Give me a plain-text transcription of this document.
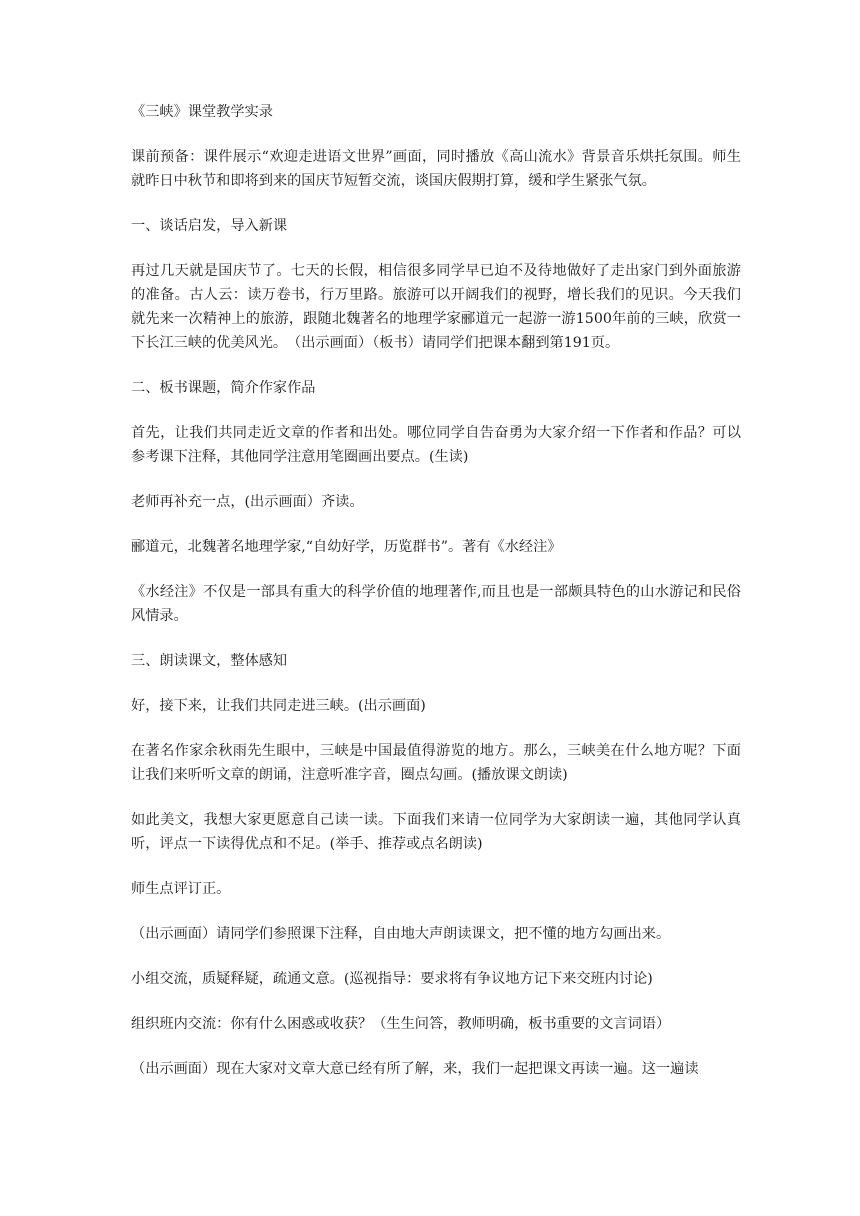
《三峡》课堂教学实录

课前预备：课件展示“欢迎走进语文世界”画面，同时播放《高山流水》背景音乐烘托氛围。师生就昨日中秋节和即将到来的国庆节短暂交流，谈国庆假期打算，缓和学生紧张气氛。

一、谈话启发，导入新课

再过几天就是国庆节了。七天的长假，相信很多同学早已迫不及待地做好了走出家门到外面旅游的准备。古人云：读万卷书，行万里路。旅游可以开阔我们的视野，增长我们的见识。今天我们就先来一次精神上的旅游，跟随北魏著名的地理学家郦道元一起游一游1500年前的三峡，欣赏一下长江三峡的优美风光。　（出示画面）（板书）请同学们把课本翻到第191页。

二、板书课题，简介作家作品

首先，让我们共同走近文章的作者和出处。哪位同学自告奋勇为大家介绍一下作者和作品？可以参考课下注释，其他同学注意用笔圈画出要点。(生读)

老师再补充一点，(出示画面）齐读。

郦道元，北魏著名地理学家,“自幼好学，历览群书”。著有《水经注》

《水经注》不仅是一部具有重大的科学价值的地理著作,而且也是一部颇具特色的山水游记和民俗风情录。

三、朗读课文，整体感知

好，接下来，让我们共同走进三峡。(出示画面)

在著名作家余秋雨先生眼中，三峡是中国最值得游览的地方。那么，三峡美在什么地方呢？下面让我们来听听文章的朗诵，注意听准字音，圈点勾画。(播放课文朗读)

如此美文，我想大家更愿意自己读一读。下面我们来请一位同学为大家朗读一遍，其他同学认真听，评点一下读得优点和不足。(举手、推荐或点名朗读)

师生点评订正。

（出示画面）请同学们参照课下注释，自由地大声朗读课文，把不懂的地方勾画出来。

小组交流，质疑释疑，疏通文意。(巡视指导：要求将有争议地方记下来交班内讨论)

组织班内交流：你有什么困惑或收获？（生生问答，教师明确，板书重要的文言词语）

（出示画面）现在大家对文章大意已经有所了解，来，我们一起把课文再读一遍。这一遍读
